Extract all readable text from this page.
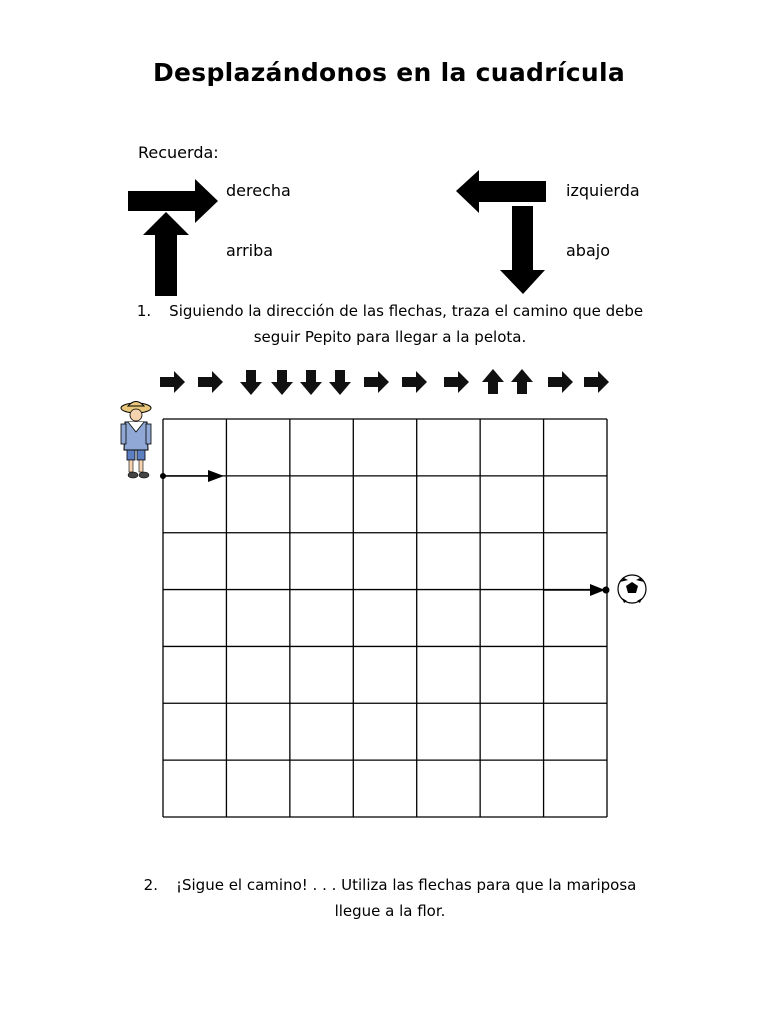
Desplazándonos en la cuadrícula
Recuerda:
derecha
arriba
izquierda
abajo
1. Siguiendo la dirección de las flechas, traza el camino que debe
seguir Pepito para llegar a la pelota.
2. ¡Sigue el camino! . . . Utiliza las flechas para que la mariposa
llegue a la flor.
